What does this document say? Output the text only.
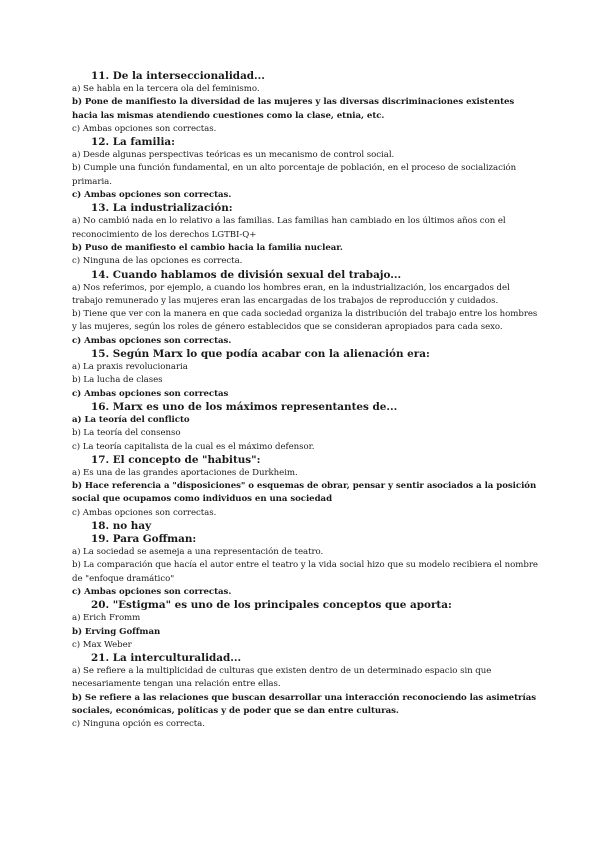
11. De la interseccionalidad...

a) Se habla en la tercera ola del feminismo.

b) Pone de manifiesto la diversidad de las mujeres y las diversas discriminaciones existentes hacia las mismas atendiendo cuestiones como la clase, etnia, etc.

c) Ambas opciones son correctas.

12. La familia:

a) Desde algunas perspectivas teóricas es un mecanismo de control social.

b) Cumple una función fundamental, en un alto porcentaje de población, en el proceso de socialización primaria.

c) Ambas opciones son correctas.

13. La industrialización:

a) No cambió nada en lo relativo a las familias. Las familias han cambiado en los últimos años con el reconocimiento de los derechos LGTBI-Q+

b) Puso de manifiesto el cambio hacia la familia nuclear.

c) Ninguna de las opciones es correcta.

14. Cuando hablamos de división sexual del trabajo...

a) Nos referimos, por ejemplo, a cuando los hombres eran, en la industrialización, los encargados del trabajo remunerado y las mujeres eran las encargadas de los trabajos de reproducción y cuidados.

b) Tiene que ver con la manera en que cada sociedad organiza la distribución del trabajo entre los hombres y las mujeres, según los roles de género establecidos que se consideran apropiados para cada sexo.

c) Ambas opciones son correctas.

15. Según Marx lo que podía acabar con la alienación era:

a) La praxis revolucionaria

b) La lucha de clases

c) Ambas opciones son correctas

16. Marx es uno de los máximos representantes de...

a) La teoría del conflicto

b) La teoría del consenso

c) La teoría capitalista de la cual es el máximo defensor.

17. El concepto de "habitus":

a) Es una de las grandes aportaciones de Durkheim.

b) Hace referencia a "disposiciones" o esquemas de obrar, pensar y sentir asociados a la posición social que ocupamos como individuos en una sociedad

c) Ambas opciones son correctas.

18. no hay

19. Para Goffman:

a) La sociedad se asemeja a una representación de teatro.

b) La comparación que hacía el autor entre el teatro y la vida social hizo que su modelo recibiera el nombre de "enfoque dramático"

c) Ambas opciones son correctas.

20. "Estigma" es uno de los principales conceptos que aporta:

a) Erich Fromm

b) Erving Goffman

c) Max Weber

21. La interculturalidad...

a) Se refiere a la multiplicidad de culturas que existen dentro de un determinado espacio sin que necesariamente tengan una relación entre ellas.

b) Se refiere a las relaciones que buscan desarrollar una interacción reconociendo las asimetrías sociales, económicas, políticas y de poder que se dan entre culturas.

c) Ninguna opción es correcta.
